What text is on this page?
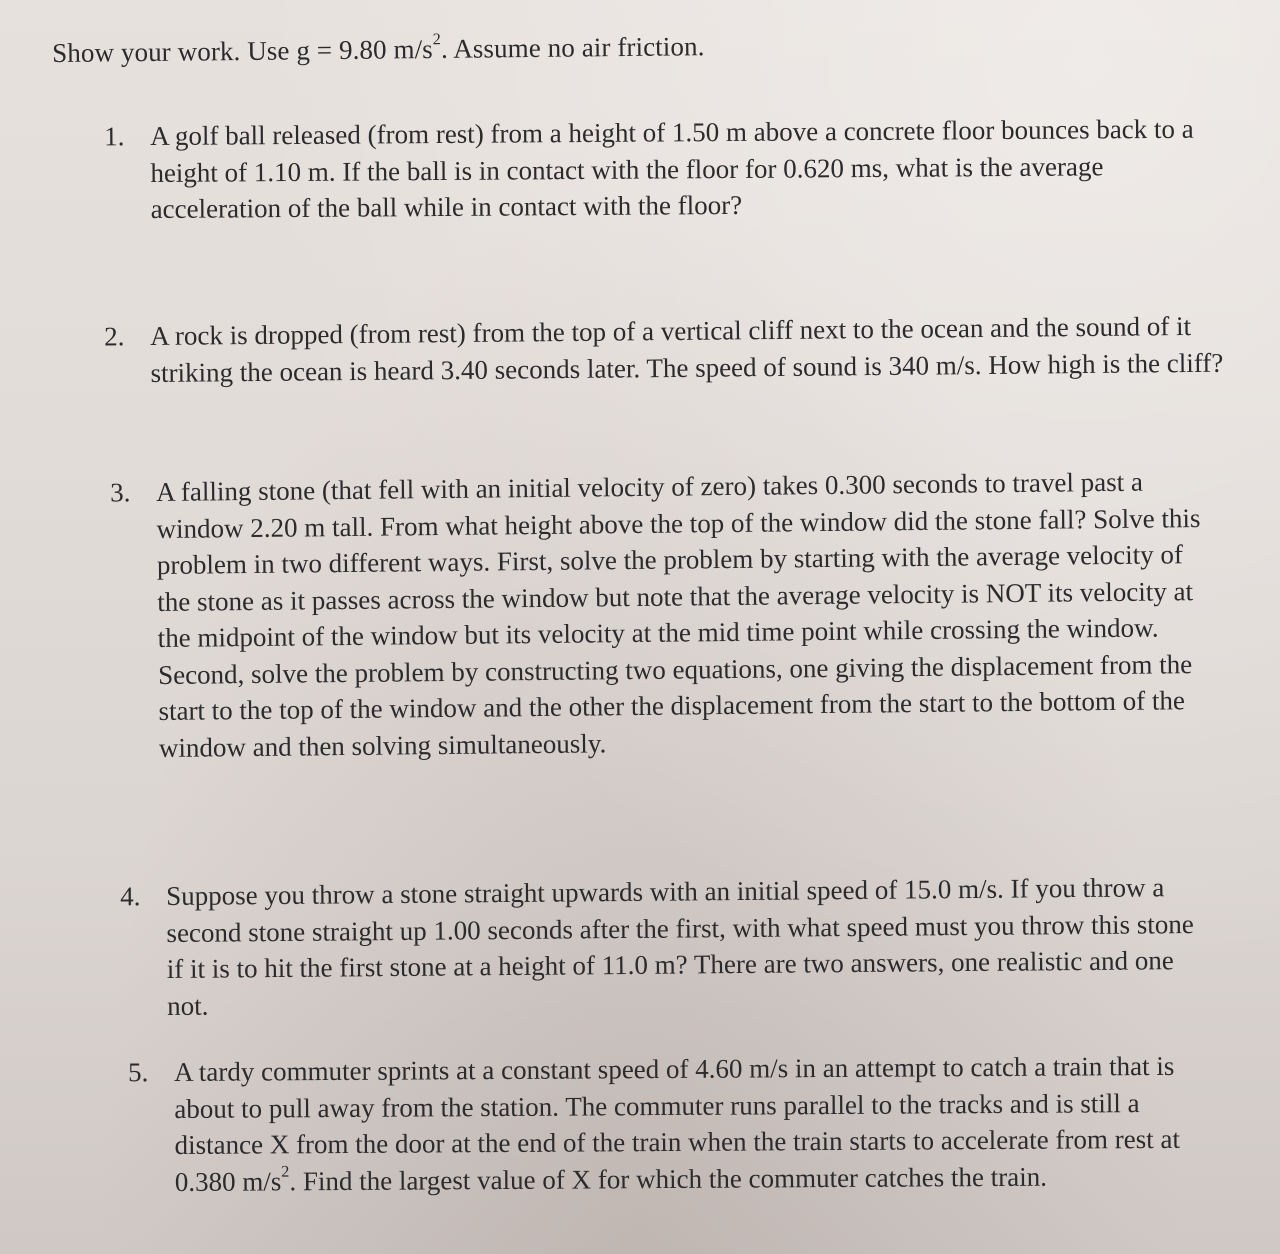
Show your work. Use g = 9.80 $m/s^2$. Assume no air friction.
1. A golf ball released (from rest) from a height of 1.50 m above a concrete floor bounces back to a height of 1.10 m. If the ball is in contact with the floor for 0.620 ms, what is the average acceleration of the ball while in contact with the floor?
2. A rock is dropped (from rest) from the top of a vertical cliff next to the ocean and the sound of it striking the ocean is heard 3.40 seconds later. The speed of sound is 340 m/s. How high is the cliff?
3. A falling stone (that fell with an initial velocity of zero) takes 0.300 seconds to travel past a window 2.20 m tall. From what height above the top of the window did the stone fall? Solve this problem in two different ways. First, solve the problem by starting with the average velocity of the stone as it passes across the window but note that the average velocity is NOT its velocity at the midpoint of the window but its velocity at the mid time point while crossing the window. Second, solve the problem by constructing two equations, one giving the displacement from the start to the top of the window and the other the displacement from the start to the bottom of the window and then solving simultaneously.
4. Suppose you throw a stone straight upwards with an initial speed of 15.0 m/s. If you throw a second stone straight up 1.00 seconds after the first, with what speed must you throw this stone if it is to hit the first stone at a height of 11.0 m? There are two answers, one realistic and one not.
5. A tardy commuter sprints at a constant speed of 4.60 m/s in an attempt to catch a train that is about to pull away from the station. The commuter runs parallel to the tracks and is still a distance X from the door at the end of the train when the train starts to accelerate from rest at 0.380 $m/s^2$. Find the largest value of X for which the commuter catches the train.
